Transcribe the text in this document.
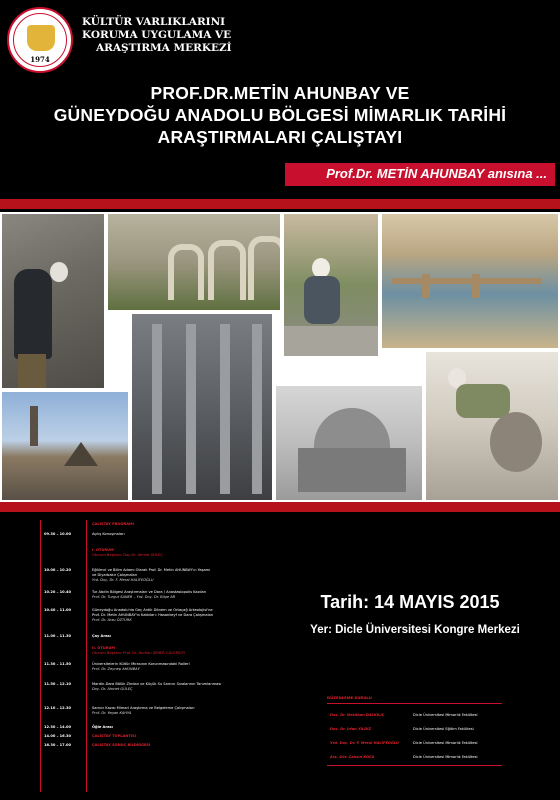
1974
KÜLTÜR VARLIKLARINI
KORUMA UYGULAMA VE
ARAŞTIRMA MERKEZİ
PROF.DR.METİN AHUNBAY VE
GÜNEYDOĞU ANADOLU BÖLGESİ MİMARLIK TARİHİ
ARAŞTIRMALARI ÇALIŞTAYI
Prof.Dr. METİN AHUNBAY anısına ...
ÇALIŞTAY PROGRAMI
09.30 – 10.00	Açılış Konuşmaları
I. OTURUM
Oturum Başkanı: Doç.Dr. Ahmet GÜLEÇ
10.00 – 10.20	Eğitimci ve Bilim Adamı Olarak Prof. Dr. Metin AHUNBAY'ın Yaşamı
ve Diyarbakır Çalışmaları
Yrd. Doç. Dr. F. Meral HALİFEOĞLU
10.20 – 10.40	Tur Abdin Bölgesi Araştırmaları ve Dara / Anastasiopolis Kazıları
Prof. Dr. Turgut SANER – Yrd. Doç. Dr. Bilge AR
10.40 – 11.00	Güneydoğu Anadolu'da Geç Antik Dönem ve Ortaçağ Arkeolojisi'ne
Prof. Dr. Metin AHUNBAY'ın Katkıları: Hasankeyf ve Dara Çalışmaları
Prof. Dr. Arzu ÖZTÜRK
11.00 – 11.30	Çay Arası
II. OTURUM
Oturum Başkanı: Prof. Dr. Nurhan ŞENER GÜLERSOY
11.30 – 11.50	Üniversitelerin Kültür Mirasının Korunmasındaki Rolleri
Prof. Dr. Zeynep AHUNBAY
11.50 – 12.10	Mardin-Dara Bölük Zindan ve Küçük Su Sarnıcı Sıvalarının Tanımlanması
Doç. Dr. Ahmet GÜLEÇ
12.10 – 12.30	Sarnıcı Kazısı Mimari Araştırma ve Belgeleme Çalışmaları
Prof. Dr. Yegan KAHYA
12.30 – 14.00	Öğle Arası
14.00 – 16.30	ÇALIŞTAY TOPLANTISI
16.30 – 17.00	ÇALIŞTAY SONUÇ BİLDİRGESİ
Tarih: 14 MAYIS 2015
Yer: Dicle Üniversitesi Kongre Merkezi
DÜZENLEME KURULU
Doç. Dr. Neslihan DALKILIÇ	Dicle Üniversitesi Mimarlık Fakültesi
Doç. Dr. İrfan YILDIZ	Dicle Üniversitesi Eğitim Fakültesi
Yrd. Doç. Dr. F. Meral HALİFEOĞLU	Dicle Üniversitesi Mimarlık Fakültesi
Arş. Gör. Cansın KOCA	Dicle Üniversitesi Mimarlık Fakültesi
